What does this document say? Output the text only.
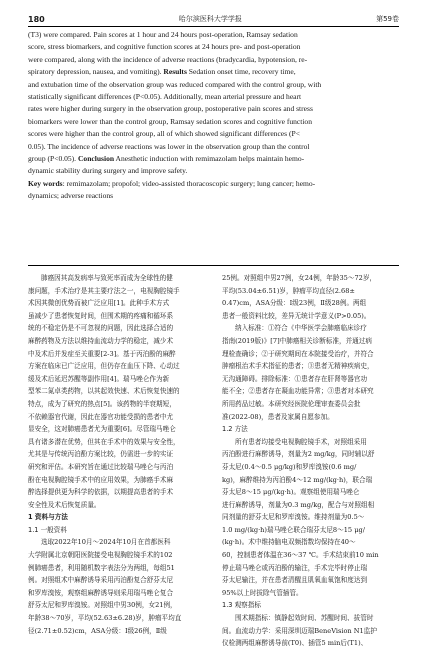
180	哈尔滨医科大学学报	第59卷
(T3) were compared. Pain scores at 1 hour and 24 hours post-operation, Ramsay sedation
score, stress biomarkers, and cognitive function scores at 24 hours pre- and post-operation
were compared, along with the incidence of adverse reactions (bradycardia, hypotension, re-
spiratory depression, nausea, and vomiting). Results Sedation onset time, recovery time,
and extubation time of the observation group was reduced compared with the control group, with
statistically significant differences (P<0.05). Additionally, mean arterial pressure and heart
rates were higher during surgery in the observation group, postoperative pain scores and stress
biomarkers were lower than the control group, Ramsay sedation scores and cognitive function
scores were higher than the control group, all of which showed significant differences (P<
0.05). The incidence of adverse reactions was lower in the observation group than the control
group (P<0.05). Conclusion Anesthetic induction with remimazolam helps maintain hemo-
dynamic stability during surgery and improve safety.
Key words: remimazolam; propofol; video-assisted thoracoscopic surgery; lung cancer; hemo-
dynamics; adverse reactions
肺癌因其高发病率与致死率而成为全球性的健
康问题，手术治疗是其主要疗法之一，电视胸腔镜手
术因其微创优势而被广泛应用[1]。此种手术方式
虽减少了患者恢复时间，但围术期的疼痛和循环系
统的不稳定仍是不可忽视的问题，因此选择合适的
麻醉药物及方法以维持血流动力学的稳定，减少术
中及术后并发症至关重要[2-3]。基于丙泊酚的麻醉
方案在临床已广泛应用，但仍存在血压下降、心动过
缓及术后延迟苏醒等副作用[4]。瑞马唑仑作为新
型苯二氮卓类药物，以其起效快速、术后恢复快速的
特点，成为了研究的热点[5]。该药物的半衰期短，
不依赖器官代谢，因此在器官功能受损的患者中尤
显安全，这对肺癌患者尤为重要[6]。尽管瑞马唑仑
具有诸多潜在优势，但其在手术中的效果与安全性，
尤其是与传统丙泊酚方案比较，仍需进一步的实证
研究和评估。本研究旨在通过比较瑞马唑仑与丙泊
酚在电视胸腔镜手术中的应用效果，为肺癌手术麻
醉选择提供更为科学的依据，以期提高患者的手术
安全性及术后恢复质量。
1 资料与方法
1.1 一般资料
选取2022年10月～2024年10月在首都医科
大学附属北京朝阳医院接受电视胸腔镜手术的102
例肺癌患者，利用随机数字表法分为两组，每组51
例。对照组术中麻醉诱导采用丙泊酚复合舒芬太尼
和罗库溴铵，观察组麻醉诱导则采用瑞马唑仑复合
舒芬太尼和罗库溴铵。对照组中男30例，女21例，
年龄38～70岁，平均(52.63±6.28)岁，肿瘤平均直
径(2.71±0.52)cm，ASA分级：Ⅰ级26例，Ⅱ级
25例。对照组中男27例，女24例，年龄35～72岁，
平均(53.04±6.51)岁，肿瘤平均直径(2.68±
0.47)cm，ASA分级：Ⅰ级23例，Ⅱ级28例。两组
患者一般资料比较，差异无统计学意义(P>0.05)。
纳入标准：①符合《中华医学会肺癌临床诊疗
指南(2019版)》[7]中肺癌相关诊断标准，并通过病
理检查确诊；②于研究期间在本院接受治疗，并符合
肿瘤根治术手术指征的患者；③患者无精神疾病史，
无沟通障碍。排除标准：①患者存在肝肾等器官功
能不全；②患者存在凝血功能异常；③患者对本研究
所用药品过敏。本研究经医院伦理审查委员会批
准(2022-08)，患者及家属自愿参加。
1.2 方法
所有患者均接受电视胸腔镜手术，对照组采用
丙泊酚进行麻醉诱导，剂量为2 mg/kg，同时辅以舒
芬太尼(0.4～0.5 μg/kg)和罗库溴铵(0.6 mg/
kg)，麻醉维持为丙泊酚4～12 mg/(kg·h)，联合瑞
芬太尼8～15 μg/(kg·h)。观察组使用瑞马唑仑
进行麻醉诱导，剂量为0.3 mg/kg，配合与对照组相
同剂量的舒芬太尼和罗库溴铵。维持剂量为0.5～
1.0 mg/(kg·h)瑞马唑仑联合瑞芬太尼8～15 μg/
(kg·h)。术中维持脑电双频指数均保持在40～
60，控制患者体温在36～37 ℃。手术结束前10 min
停止瑞马唑仑或丙泊酚的输注，手术完毕时停止瑞
芬太尼输注，并在患者清醒且肌氧血氧饱和度达到
95%以上时拔除气管插管。
1.3 观察指标
围术期指标：镇静起效时间、苏醒时间、拔管时
间。血流动力学：采用深圳迈瑞BeneVision N1监护
仪检测两组麻醉诱导前(T0)、插管5 min后(T1)、
